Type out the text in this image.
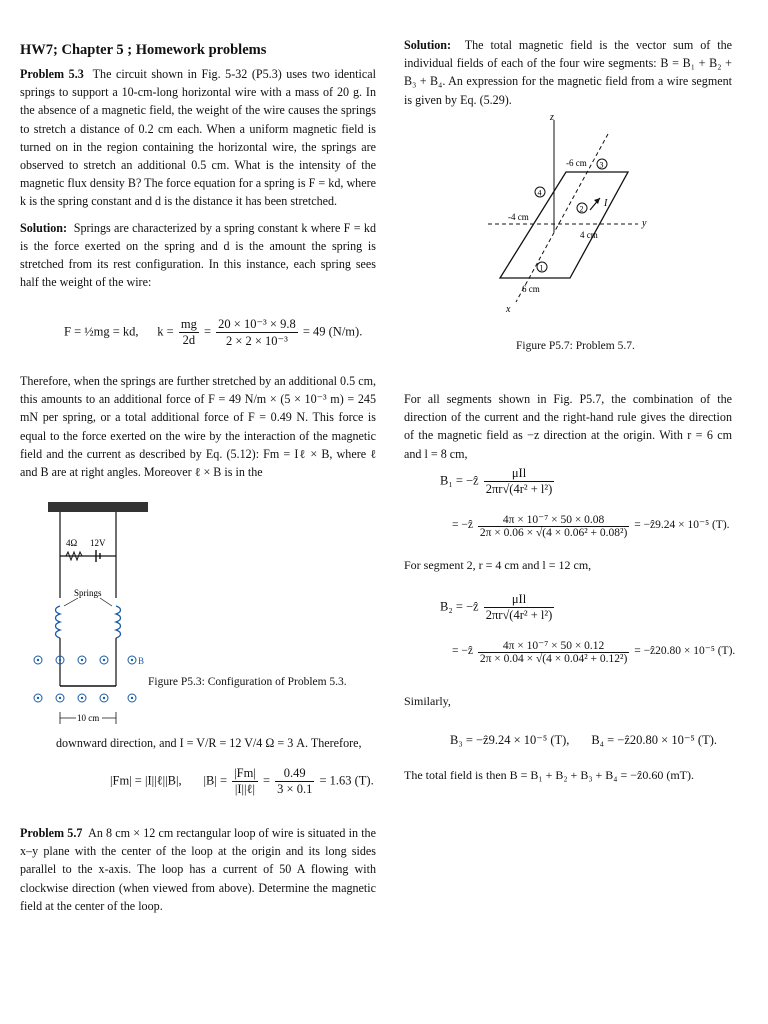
HW7; Chapter 5 ; Homework problems

Problem 5.3 The circuit shown in Fig. 5-32 (P5.3) uses two identical springs to support a 10-cm-long horizontal wire with a mass of 20 g. In the absence of a magnetic field, the weight of the wire causes the springs to stretch a distance of 0.2 cm each. When a uniform magnetic field is turned on in the region containing the horizontal wire, the springs are observed to stretch an additional 0.5 cm. What is the intensity of the magnetic flux density B? The force equation for a spring is F = kd, where k is the spring constant and d is the distance it has been stretched.

Solution: Springs are characterized by a spring constant k where F = kd is the force exerted on the spring and d is the amount the spring is stretched from its rest configuration. In this instance, each spring sees half the weight of the wire:

F = ½mg = kd, $k = \frac{mg}{2d} = \frac{\text{20 × 10⁻³ × 9.8}}{\text{2 × 2 × 10⁻³}} = 49$ (N/m).

Therefore, when the springs are further stretched by an additional 0.5 cm, this amounts to an additional force of F = 49 N/m × (5 × 10⁻³ m) = 245 mN per spring, or a total additional force of F = 0.49 N. This force is equal to the force exerted on the wire by the interaction of the magnetic field and the current as described by Eq. (5.12): Fm = Iℓ × B, where ℓ and B are at right angles. Moreover ℓ × B is in the

4Ω 12V
Springs
B
10 cm
Figure P5.3: Configuration of Problem 5.3.

downward direction, and I = V/R = 12 V/4 Ω = 3 A. Therefore,

|Fm| = |I||ℓ||B|, $|B| = \frac{|Fm|}{\text{|I||ℓ|}} = \frac{0.49}{3 \times 0.1} = 1.63$ (T).

Problem 5.7 An 8 cm × 12 cm rectangular loop of wire is situated in the x–y plane with the center of the loop at the origin and its long sides parallel to the x-axis. The loop has a current of 50 A flowing with clockwise direction (when viewed from above). Determine the magnetic field at the center of the loop.

Solution: The total magnetic field is the vector sum of the individual fields of each of the four wire segments: B = B₁ + B₂ + B₃ + B₄. An expression for the magnetic field from a wire segment is given by Eq. (5.29).

z
y
x
I
-6 cm
-4 cm
4 cm
6 cm
1
2
3
4
Figure P5.7: Problem 5.7.

For all segments shown in Fig. P5.7, the combination of the direction of the current and the right-hand rule gives the direction of the magnetic field as −z direction at the origin. With r = 6 cm and l = 8 cm,

B₁ = −ẑ $\frac{\text{μIl}}{\text{2πr√(4r² + l²)}}$
= −ẑ $\frac{\text{4π × 10⁻⁷ × 50 × 0.08}}{\text{2π × 0.06 × √(4 × 0.06² + 0.08²)}}$ = −ẑ9.24 × 10⁻⁵ (T).
For segment 2, r = 4 cm and l = 12 cm,
B₂ = −ẑ $\frac{\text{μIl}}{\text{2πr√(4r² + l²)}}$
= −ẑ $\frac{\text{4π × 10⁻⁷ × 50 × 0.12}}{\text{2π × 0.04 × √(4 × 0.04² + 0.12²)}}$ = −ẑ20.80 × 10⁻⁵ (T).
Similarly,
B₃ = −ẑ9.24 × 10⁻⁵ (T), B₄ = −ẑ20.80 × 10⁻⁵ (T).
The total field is then B = B₁ + B₂ + B₃ + B₄ = −ẑ0.60 (mT).
